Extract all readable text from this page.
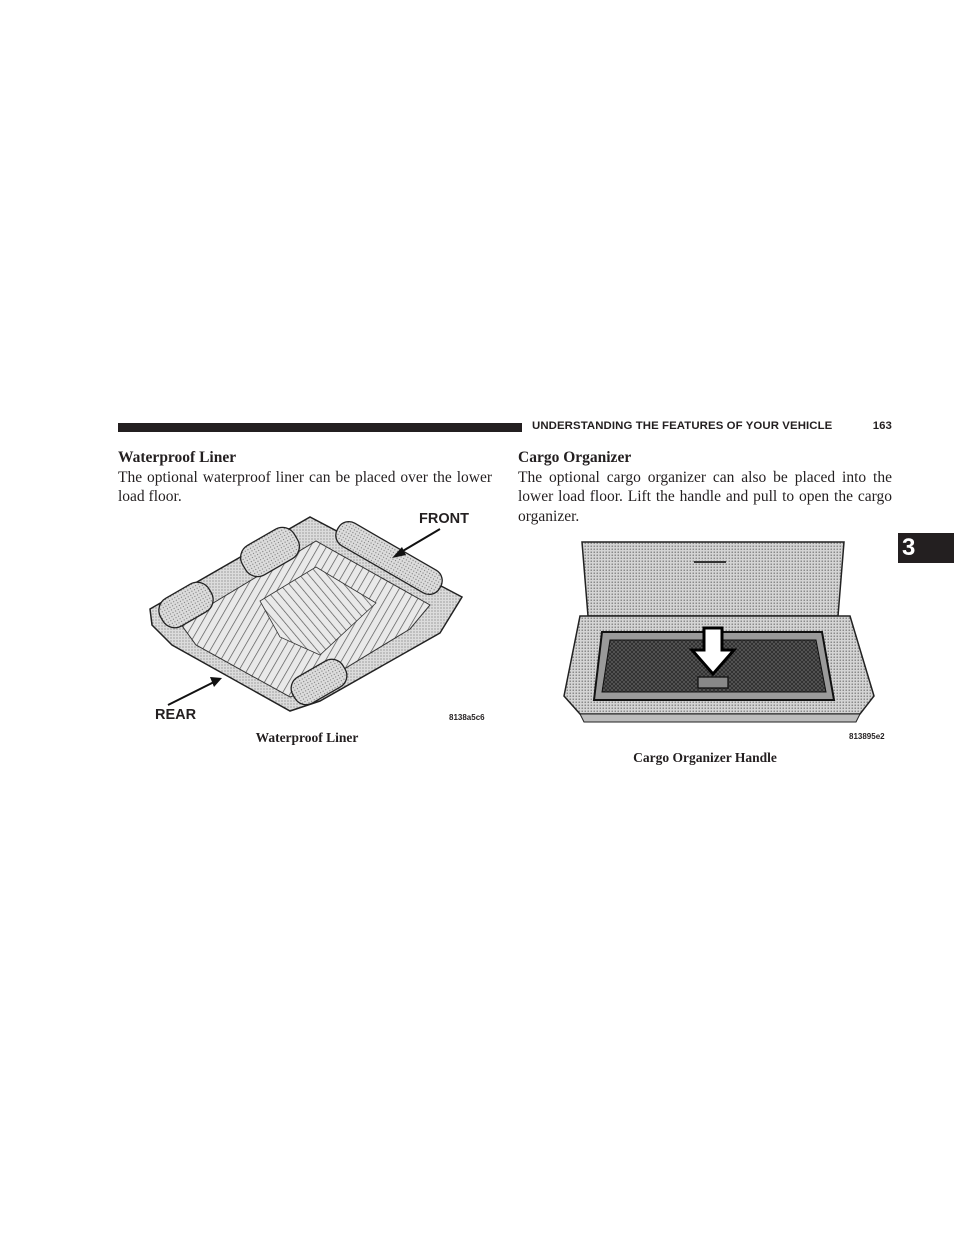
UNDERSTANDING THE FEATURES OF YOUR VEHICLE	163
3
Waterproof Liner

The optional waterproof liner can be placed over the lower load floor.

Cargo Organizer

The optional cargo organizer can also be placed into the lower load floor. Lift the handle and pull to open the cargo organizer.

FRONT
REAR	8138a5c6
Waterproof Liner	813895e2
Cargo Organizer Handle
